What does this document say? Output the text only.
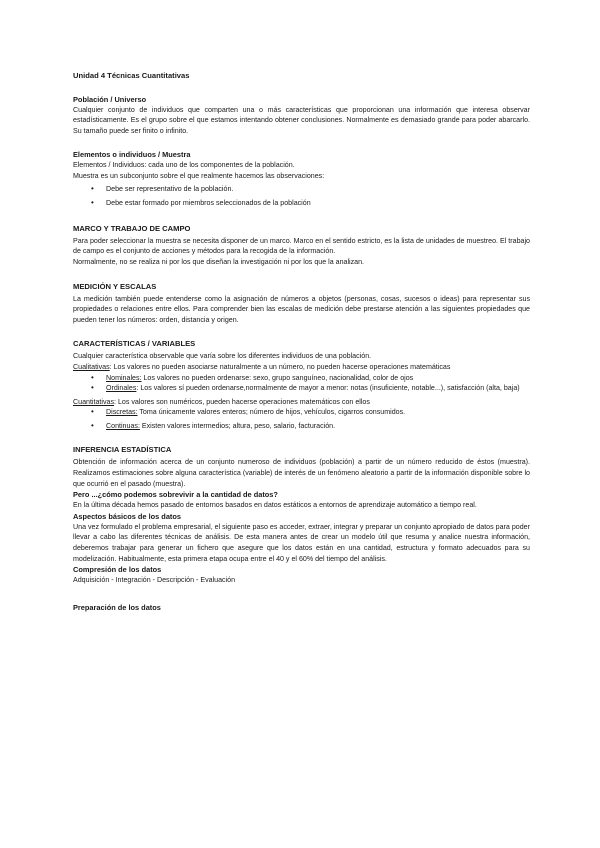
Unidad 4 Técnicas Cuantitativas
Población / Universo

Cualquier conjunto de individuos que comparten una o más características que proporcionan una información que interesa observar estadísticamente. Es el grupo sobre el que estamos intentando obtener conclusiones. Normalmente es demasiado grande para poder abarcarlo. Su tamaño puede ser finito o infinito.

Elementos o individuos / Muestra

Elementos / Individuos: cada uno de los componentes de la población.

Muestra es un subconjunto sobre el que realmente hacemos las observaciones:

• Debe ser representativo de la población.
• Debe estar formado por miembros seleccionados de la población
MARCO Y TRABAJO DE CAMPO

Para poder seleccionar la muestra se necesita disponer de un marco. Marco en el sentido estricto, es la lista de unidades de muestreo. El trabajo de campo es el conjunto de acciones y métodos para la recogida de la información.

Normalmente, no se realiza ni por los que diseñan la investigación ni por los que la analizan.

MEDICIÓN Y ESCALAS

La medición también puede entenderse como la asignación de números a objetos (personas, cosas, sucesos o ideas) para representar sus propiedades o relaciones entre ellos. Para comprender bien las escalas de medición debe prestarse atención a las siguientes propiedades que pueden tener los números: orden, distancia y origen.

CARACTERÍSTICAS / VARIABLES

Cualquier característica observable que varía sobre los diferentes individuos de una población.

Cualitativas: Los valores no pueden asociarse naturalmente a un número, no pueden hacerse operaciones matemáticas

• Nominales: Los valores no pueden ordenarse: sexo, grupo sanguíneo, nacionalidad, color de ojos
• Ordinales: Los valores sí pueden ordenarse,normalmente de mayor a menor: notas (insuficiente, notable...), satisfacción (alta, baja)

Cuantitativas: Los valores son numéricos, pueden hacerse operaciones matemáticos con ellos

• Discretas: Toma únicamente valores enteros; número de hijos, vehículos, cigarros consumidos.
• Continuas: Existen valores intermedios; altura, peso, salario, facturación.
INFERENCIA ESTADÍSTICA

Obtención de información acerca de un conjunto numeroso de individuos (población) a partir de un número reducido de éstos (muestra). Realizamos estimaciones sobre alguna característica (variable) de interés de un fenómeno aleatorio a partir de la información disponible sobre lo que ocurrió en el pasado (muestra).

Pero ...¿cómo podemos sobrevivir a la cantidad de datos?

En la última década hemos pasado de entornos basados en datos estáticos a entornos de aprendizaje automático a tiempo real.

Aspectos básicos de los datos

Una vez formulado el problema empresarial, el siguiente paso es acceder, extraer, integrar y preparar un conjunto apropiado de datos para poder llevar a cabo las diferentes técnicas de análisis. De esta manera antes de crear un modelo útil que resuma y analice nuestra información, deberemos trabajar para generar un fichero que asegure que los datos están en una cantidad, estructura y formato adecuados para su modelización. Habitualmente, esta primera etapa ocupa entre el 40 y el 60% del tiempo del análisis.

Compresión de los datos

Adquisición - Integración - Descripción - Evaluación

Preparación de los datos
